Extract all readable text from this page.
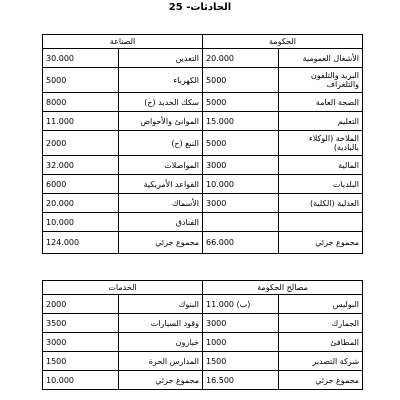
الحادثات- 25
الصناعة		الحكومة	
30.000	التعدين	20.000	الأشغال العمومية
5000	الكهرباء	5000	البريد والتلفون والتلغراف
8000	سكك الحديد (ح)	5000	الصحة العامة
11.000	الموانئ والأحواض	15.000	التعليم
2000	النبع (ح)	5000	الملاحة (الوكلاء بالبادية)
32.000	المواصلات	3000	المالية
6000	القواعد الأمريكية	10.000	البلديات
20.000	الأسماك	3000	العدلية (الكلية)
10.000	الفنادق		
124.000	مجموع جزئي	66.000	مجموع جزئي
الخدمات		مصالح الحكومة	
2000	البنوك	11.000 (ب)	البوليس
3500	وقود السيارات	3000	الجمارك
3000	خبازون	1000	المطافئ
1500	المدارس الحرة	1500	شركة التصدير
10.000	مجموع جزئي	16.500	مجموع جزئي
